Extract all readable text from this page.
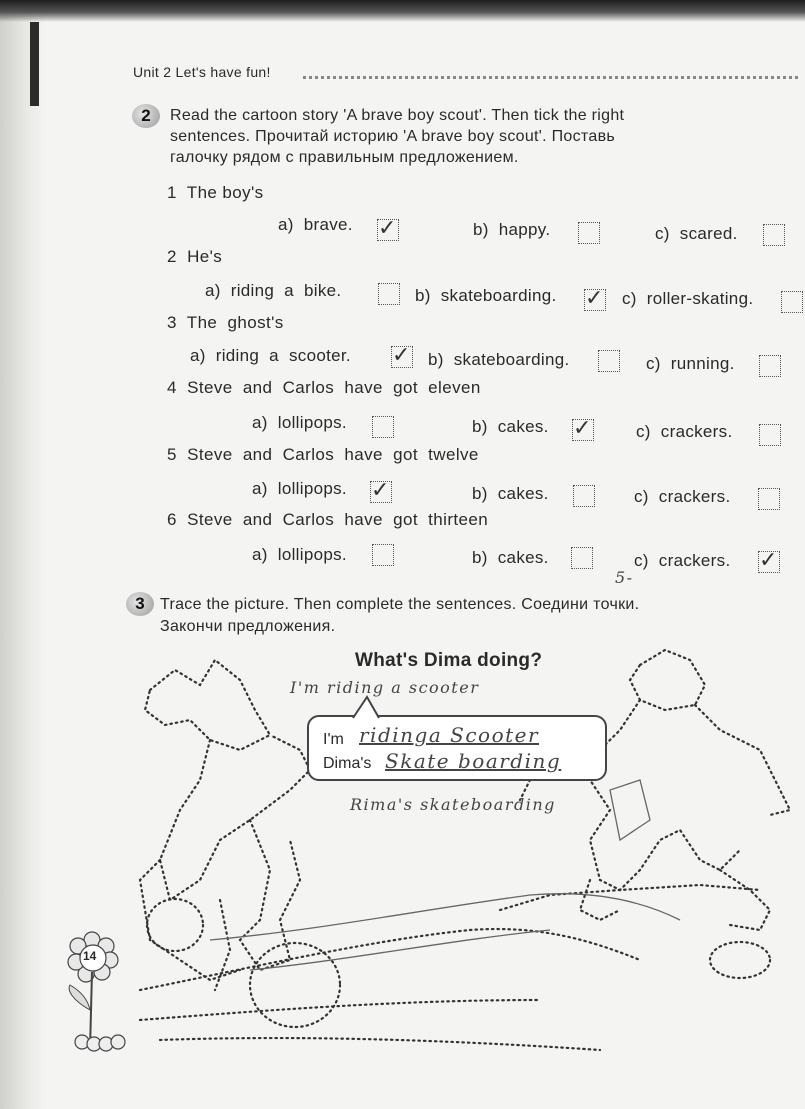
Unit 2 Let's have fun!
2	Read the cartoon story 'A brave boy scout'. Then tick the right
sentences. Прочитай историю 'A brave boy scout'. Поставь
галочку рядом с правильным предложением.
1  The boy's
a)  brave. ✓	b)  happy.	c)  scared.
2  He's
a)  riding  a  bike.	b)  skateboarding. ✓ c)  roller-skating.
3  The  ghost's
a)  riding  a  scooter. ✓ b)  skateboarding.	c)  running.
4  Steve  and  Carlos  have  got  eleven
a)  lollipops.	b)  cakes. ✓	c)  crackers.
5  Steve  and  Carlos  have  got  twelve
a)  lollipops. ✓	b)  cakes.	c)  crackers.
6  Steve  and  Carlos  have  got  thirteen
a)  lollipops.	b)  cakes.	c)  crackers. ✓
5-
3 Trace the picture. Then complete the sentences. Соедини точки.
Закончи предложения.
What's Dima doing?
I'm riding a scooter
I'm ridinga Scooter
Dima's Skate boarding
Rima's skateboarding
14
